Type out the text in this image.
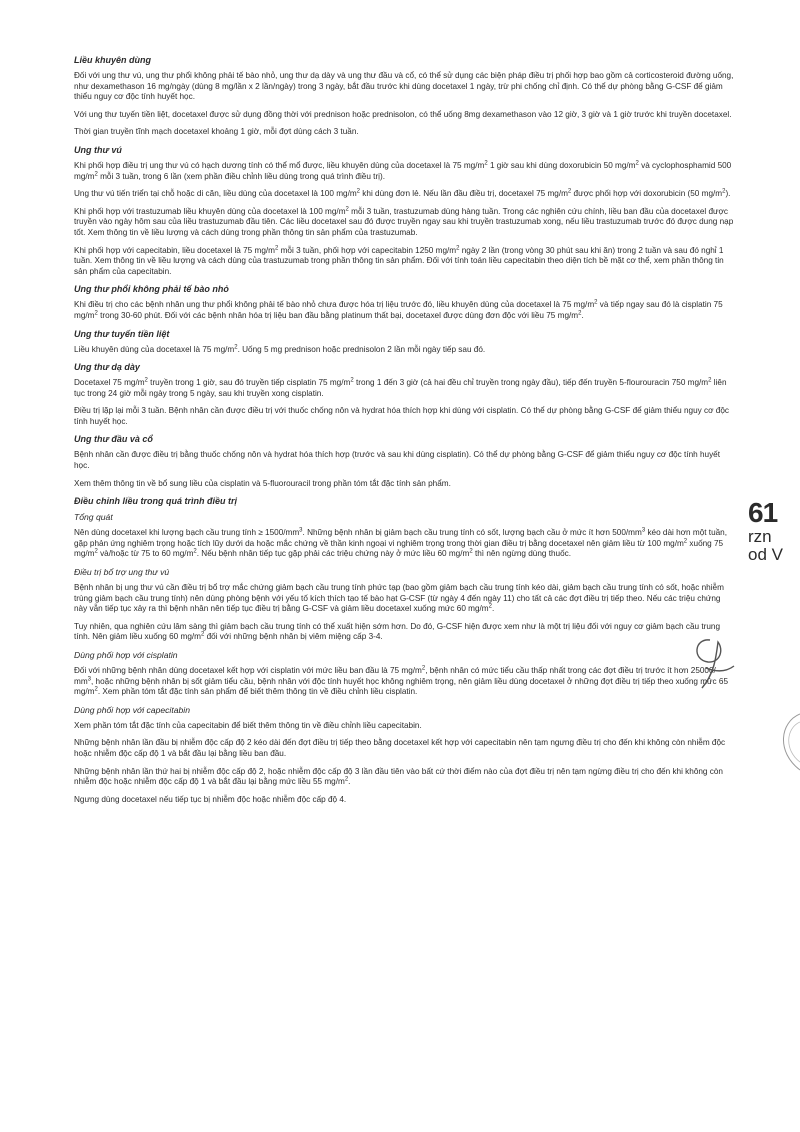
Liều khuyên dùng
Đối với ung thư vú, ung thư phổi không phải tế bào nhỏ, ung thư dạ dày và ung thư đầu và cổ, có thể sử dụng các biện pháp điều trị phối hợp bao gồm cả corticosteroid đường uống, như dexamethason 16 mg/ngày (dùng 8 mg/lần x 2 lần/ngày) trong 3 ngày, bắt đầu trước khi dùng docetaxel 1 ngày, trừ phi chống chỉ định. Có thể dự phòng bằng G-CSF để giảm thiểu nguy cơ độc tính huyết học.
Với ung thư tuyến tiền liệt, docetaxel được sử dụng đồng thời với prednison hoặc prednisolon, có thể uống 8mg dexamethason vào 12 giờ, 3 giờ và 1 giờ trước khi truyền docetaxel.
Thời gian truyền tĩnh mạch docetaxel khoảng 1 giờ, mỗi đợt dùng cách 3 tuần.
Ung thư vú
Khi phối hợp điều trị ung thư vú có hạch dương tính có thể mổ được, liều khuyên dùng của docetaxel là 75 $mg/m^2$ 1 giờ sau khi dùng doxorubicin 50 $mg/m^2$ và cyclophosphamid 500 $mg/m^2$ mỗi 3 tuần, trong 6 lần (xem phần điều chỉnh liều dùng trong quá trình điều trị).
Ung thư vú tiến triển tại chỗ hoặc di căn, liều dùng của docetaxel là 100 $mg/m^2$ khi dùng đơn lẻ. Nếu lần đầu điều trị, docetaxel 75 $mg/m^2$ được phối hợp với doxorubicin (50 $mg/m^2$).
Khi phối hợp với trastuzumab liều khuyên dùng của docetaxel là 100 $mg/m^2$ mỗi 3 tuần, trastuzumab dùng hàng tuần. Trong các nghiên cứu chính, liều ban đầu của docetaxel được truyền vào ngày hôm sau của liều trastuzumab đầu tiên. Các liều docetaxel sau đó được truyền ngay sau khi truyền trastuzumab xong, nếu liều trastuzumab trước đó được dung nạp tốt. Xem thông tin về liều lượng và cách dùng trong phần thông tin sản phẩm của trastuzumab.
Khi phối hợp với capecitabin, liều docetaxel là 75 $mg/m^2$ mỗi 3 tuần, phối hợp với capecitabin 1250 $mg/m^2$ ngày 2 lần (trong vòng 30 phút sau khi ăn) trong 2 tuần và sau đó nghỉ 1 tuần. Xem thông tin về liều lượng và cách dùng của trastuzumab trong phần thông tin sản phẩm. Đối với tính toán liều capecitabin theo diện tích bề mặt cơ thể, xem phần thông tin sản phẩm của capecitabin.
Ung thư phổi không phải tế bào nhỏ
Khi điều trị cho các bệnh nhân ung thư phổi không phải tế bào nhỏ chưa được hóa trị liệu trước đó, liều khuyên dùng của docetaxel là 75 $mg/m^2$ và tiếp ngay sau đó là cisplatin 75 $mg/m^2$ trong 30-60 phút. Đối với các bệnh nhân hóa trị liệu ban đầu bằng platinum thất bại, docetaxel được dùng đơn độc với liều 75 $mg/m^2$.
Ung thư tuyến tiền liệt
Liều khuyên dùng của docetaxel là 75 $mg/m^2$. Uống 5 mg prednison hoặc prednisolon 2 lần mỗi ngày tiếp sau đó.
Ung thư dạ dày
Docetaxel 75 $mg/m^2$ truyền trong 1 giờ, sau đó truyền tiếp cisplatin 75 $mg/m^2$ trong 1 đến 3 giờ (cả hai đều chỉ truyền trong ngày đầu), tiếp đến truyền 5-flourouracin 750 $mg/m^2$ liên tục trong 24 giờ mỗi ngày trong 5 ngày, sau khi truyền xong cisplatin.
Điều trị lặp lại mỗi 3 tuần. Bệnh nhân cần được điều trị với thuốc chống nôn và hydrat hóa thích hợp khi dùng với cisplatin. Có thể dự phòng bằng G-CSF để giảm thiểu nguy cơ độc tính huyết học.
Ung thư đầu và cổ
Bệnh nhân cần được điều trị bằng thuốc chống nôn và hydrat hóa thích hợp (trước và sau khi dùng cisplatin). Có thể dự phòng bằng G-CSF để giảm thiểu nguy cơ độc tính huyết học.
Xem thêm thông tin về bổ sung liều của cisplatin và 5-fluorouracil trong phần tóm tắt đặc tính sản phẩm.
Điều chỉnh liều trong quá trình điều trị
Tổng quát
Nên dùng docetaxel khi lượng bạch cầu trung tính ≥ $1500/mm^3$. Những bệnh nhân bị giảm bạch cầu trung tính có sốt, lượng bạch cầu ở mức ít hơn $500/mm^3$ kéo dài hơn một tuần, gặp phản ứng nghiêm trọng hoặc tích lũy dưới da hoặc mắc chứng về thần kinh ngoại vi nghiêm trọng trong thời gian điều trị bằng docetaxel nên giảm liều từ 100 $mg/m^2$ xuống 75 $mg/m^2$ và/hoặc từ 75 to 60 $mg/m^2$. Nếu bệnh nhân tiếp tục gặp phải các triệu chứng này ở mức liều 60 $mg/m^2$ thì nên ngừng dùng thuốc.
Điều trị bổ trợ ung thư vú
Bệnh nhân bị ung thư vú cần điều trị bổ trợ mắc chứng giảm bạch cầu trung tính phức tạp (bao gồm giảm bạch cầu trung tính kéo dài, giảm bạch cầu trung tính có sốt, hoặc nhiễm trùng giảm bạch cầu trung tính) nên dùng phòng bệnh với yếu tố kích thích tạo tế bào hạt G-CSF (từ ngày 4 đến ngày 11) cho tất cả các đợt điều trị tiếp theo. Nếu các triệu chứng này vẫn tiếp tục xảy ra thì bệnh nhân nên tiếp tục điều trị bằng G-CSF và giảm liều docetaxel xuống mức 60 $mg/m^2$.
Tuy nhiên, qua nghiên cứu lâm sàng thì giảm bạch cầu trung tính có thể xuất hiện sớm hơn. Do đó, G-CSF hiện được xem như là một trị liệu đối với nguy cơ giảm bạch cầu trung tính. Nên giảm liều xuống 60 $mg/m^2$ đối với những bệnh nhân bị viêm miệng cấp 3-4.
Dùng phối hợp với cisplatin
Đối với những bệnh nhân dùng docetaxel kết hợp với cisplatin với mức liều ban đầu là 75 $mg/m^2$, bệnh nhân có mức tiểu cầu thấp nhất trong các đợt điều trị trước ít hơn 25000/ $mm^3$, hoặc những bệnh nhân bị sốt giảm tiểu cầu, bệnh nhân với độc tính huyết học không nghiêm trọng, nên giảm liều dùng docetaxel ở những đợt điều trị tiếp theo xuống mức 65 $mg/m^2$. Xem phần tóm tắt đặc tính sản phẩm để biết thêm thông tin về điều chỉnh liều cisplatin.
Dùng phối hợp với capecitabin
Xem phần tóm tắt đặc tính của capecitabin để biết thêm thông tin về điều chỉnh liều capecitabin.
Những bệnh nhân lần đầu bị nhiễm độc cấp độ 2 kéo dài đến đợt điều trị tiếp theo bằng docetaxel kết hợp với capecitabin nên tạm ngưng điều trị cho đến khi không còn nhiễm độc hoặc nhiễm độc cấp độ 1 và bắt đầu lại bằng liều ban đầu.
Những bệnh nhân lần thứ hai bị nhiễm độc cấp độ 2, hoặc nhiễm độc cấp độ 3 lần đầu tiên vào bất cứ thời điểm nào của đợt điều trị nên tạm ngừng điều trị cho đến khi không còn nhiễm độc hoặc nhiễm độc cấp độ 1 và bắt đầu lại bằng mức liều 55 $mg/m^2$.
Ngưng dùng docetaxel nếu tiếp tục bị nhiễm độc hoặc nhiễm độc cấp độ 4.
61
rzn
od V
